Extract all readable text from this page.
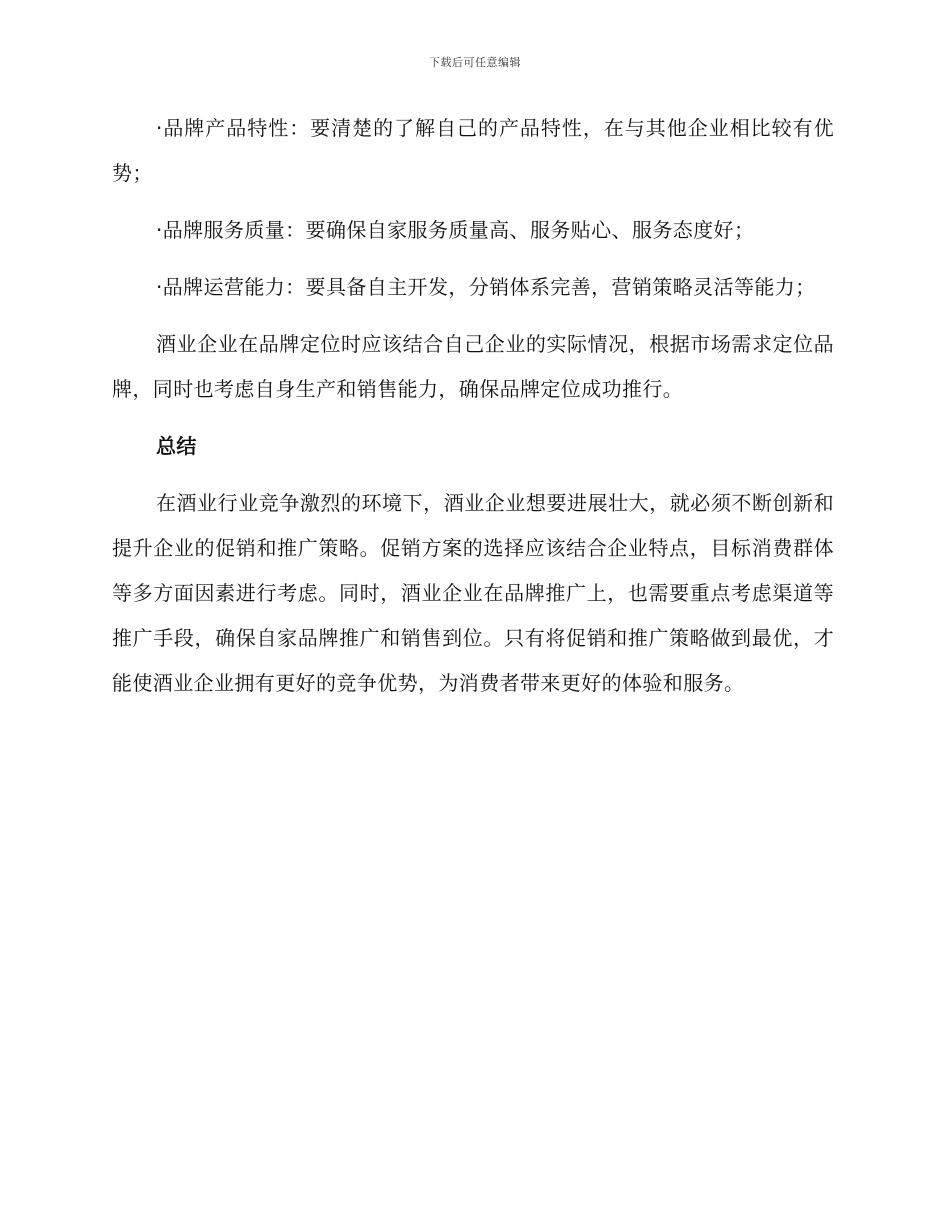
下载后可任意编辑

·品牌产品特性：要清楚的了解自己的产品特性，在与其他企业相比较有优势；

·品牌服务质量：要确保自家服务质量高、服务贴心、服务态度好；

·品牌运营能力：要具备自主开发，分销体系完善，营销策略灵活等能力；

酒业企业在品牌定位时应该结合自己企业的实际情况，根据市场需求定位品牌，同时也考虑自身生产和销售能力，确保品牌定位成功推行。

总结

在酒业行业竞争激烈的环境下，酒业企业想要进展壮大，就必须不断创新和提升企业的促销和推广策略。促销方案的选择应该结合企业特点，目标消费群体等多方面因素进行考虑。同时，酒业企业在品牌推广上，也需要重点考虑渠道等推广手段，确保自家品牌推广和销售到位。只有将促销和推广策略做到最优，才能使酒业企业拥有更好的竞争优势，为消费者带来更好的体验和服务。
